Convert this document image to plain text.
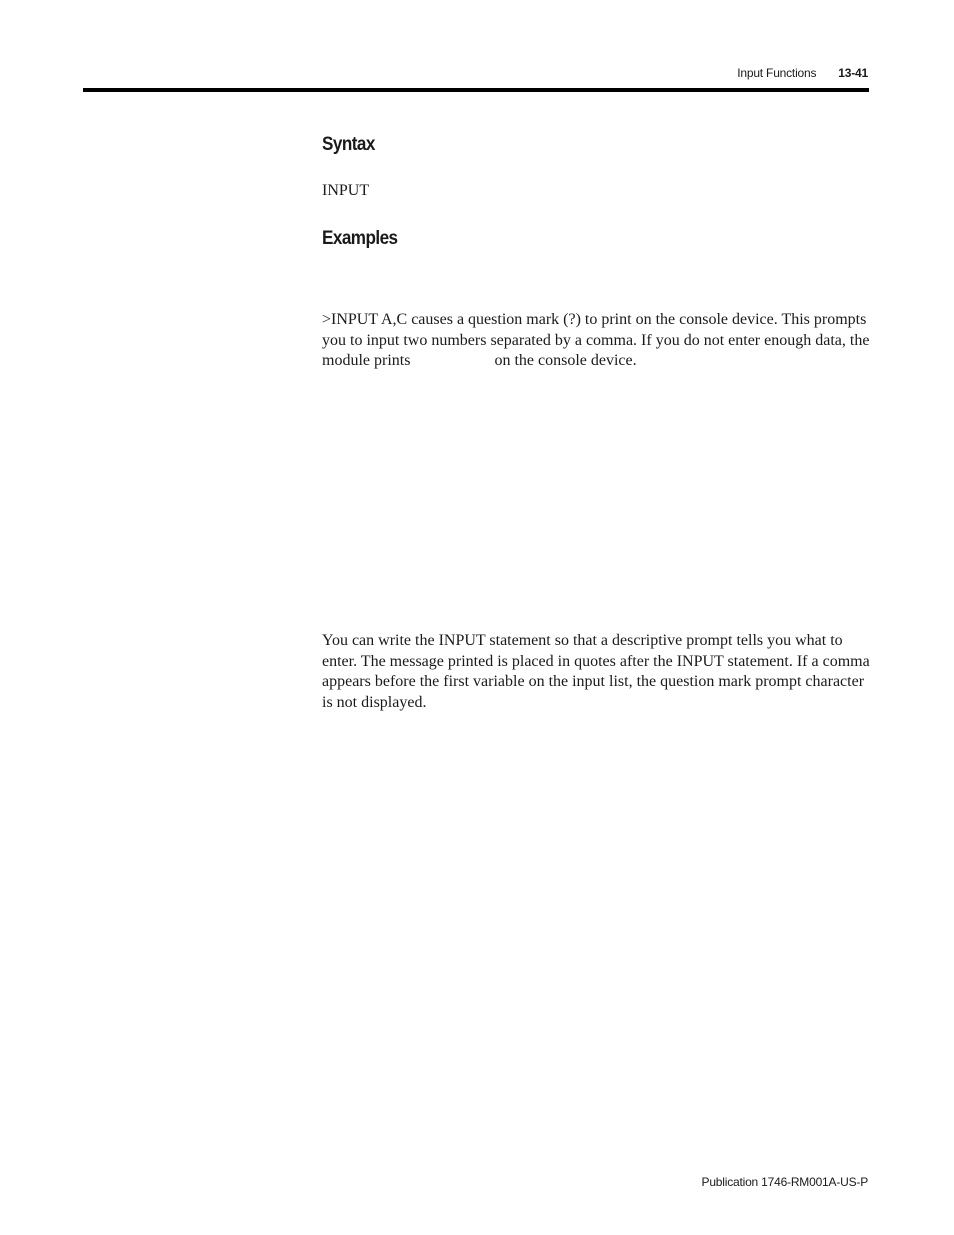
Input Functions 13-41
Syntax

INPUT

Examples

>INPUT A,C causes a question mark (?) to print on the console device. This prompts you to input two numbers separated by a comma. If you do not enter enough data, the module prints	on the console device.

You can write the INPUT statement so that a descriptive prompt tells you what to enter. The message printed is placed in quotes after the INPUT statement. If a comma appears before the first variable on the input list, the question mark prompt character is not displayed.

Publication 1746-RM001A-US-P
